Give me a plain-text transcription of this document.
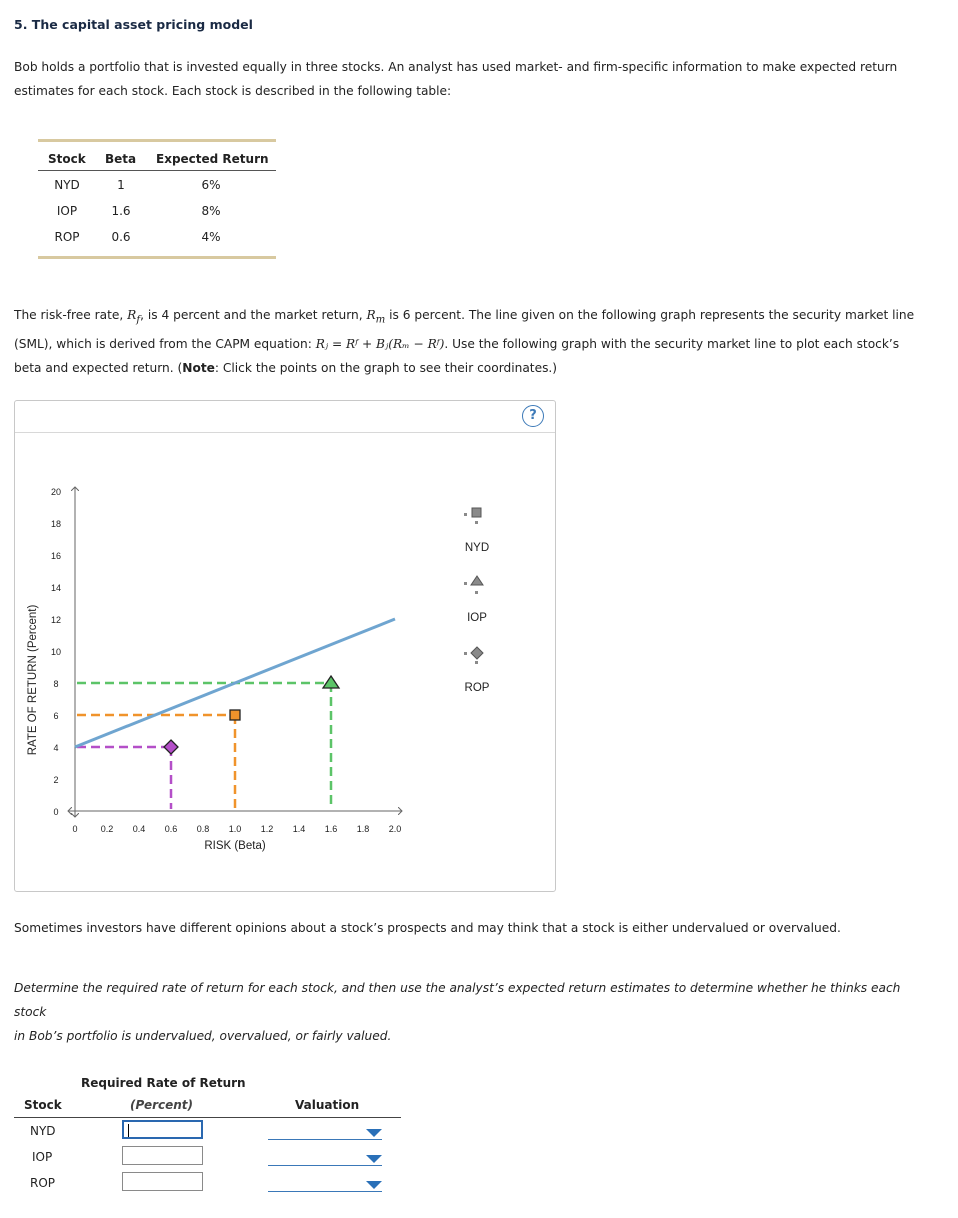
5. The capital asset pricing model
Bob holds a portfolio that is invested equally in three stocks. An analyst has used market- and firm-specific information to make expected return
estimates for each stock. Each stock is described in the following table:
Stock Beta Expected Return
NYD	1	6%
IOP	1.6	8%
ROP	0.6	4%
The risk-free rate, $R_f$, is 4 percent and the market return, $R_m$ is 6 percent. The line given on the following graph represents the security market line
(SML), which is derived from the CAPM equation: Rⱼ = Rᶠ + Bⱼ(Rₘ − Rᶠ). Use the following graph with the security market line to plot each stock’s
beta and expected return. (Note: Click the points on the graph to see their coordinates.)
?
RATE OF RETURN (Percent)
RISK (Beta)
0
2
4
6
8
10
12
14
16
18
20
0	0.2 0.4 0.6 0.8 1.0 1.2 1.4 1.6 1.8 2.0
NYD
IOP
ROP
Sometimes investors have different opinions about a stock’s prospects and may think that a stock is either undervalued or overvalued.
Determine the required rate of return for each stock, and then use the analyst’s expected return estimates to determine whether he thinks each stock
in Bob’s portfolio is undervalued, overvalued, or fairly valued.
Required Rate of Return
Stock	(Percent)	Valuation
NYD
IOP
ROP
